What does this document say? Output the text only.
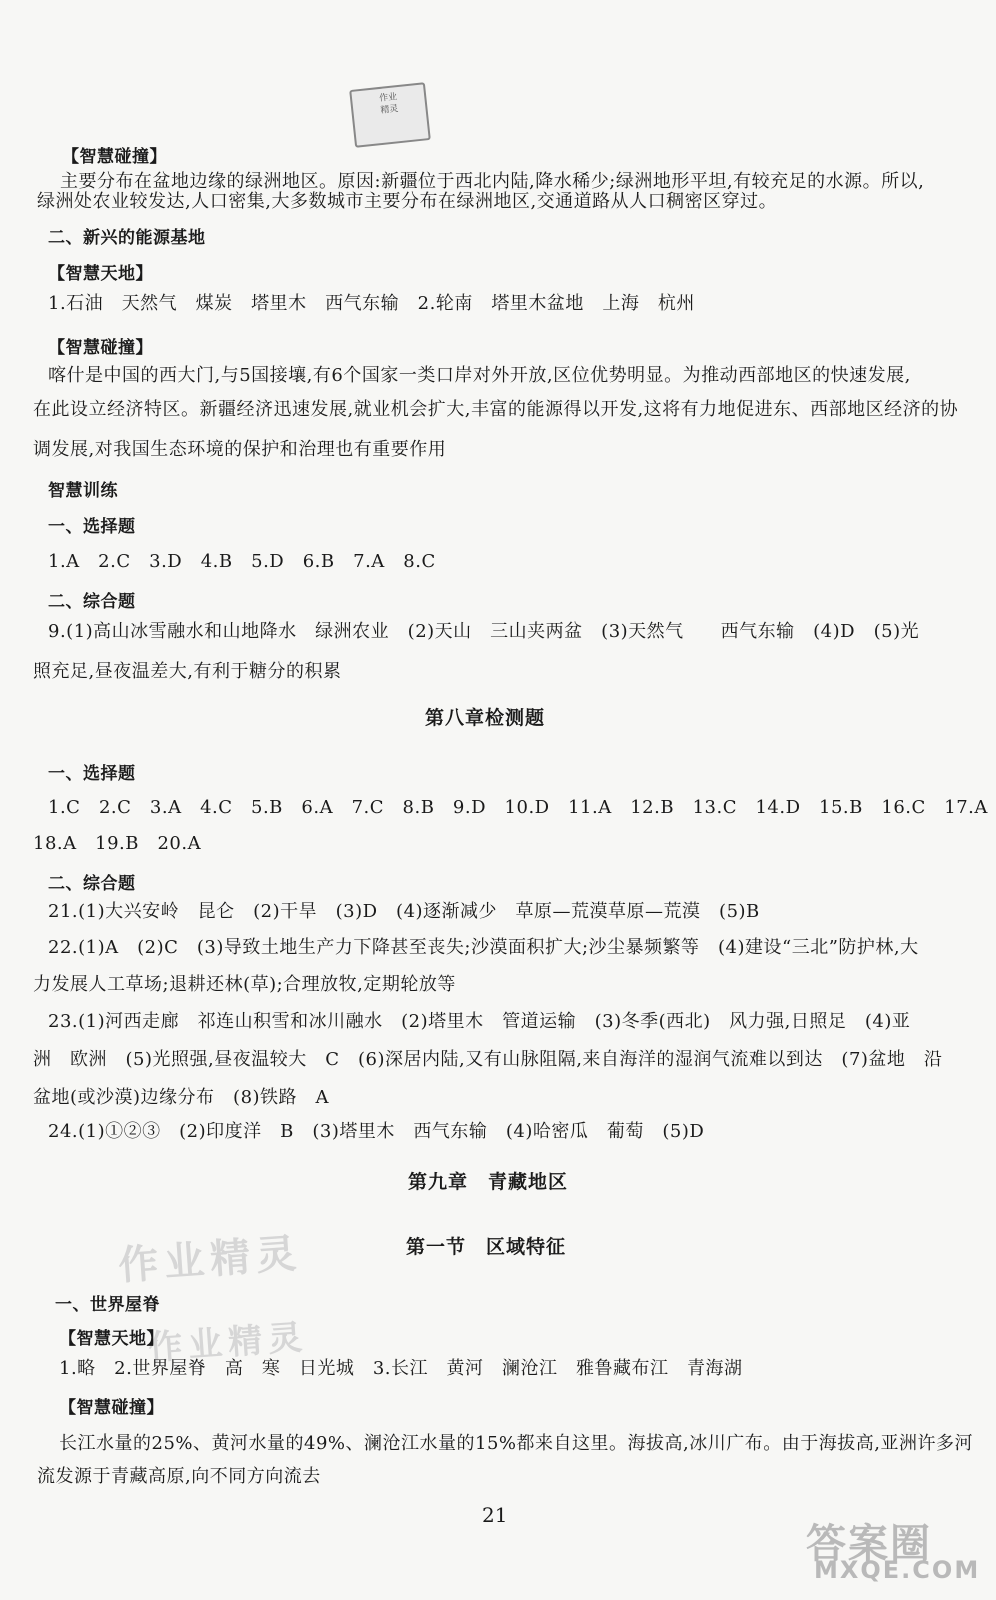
作业
精灵
【智慧碰撞】
主要分布在盆地边缘的绿洲地区。原因:新疆位于西北内陆,降水稀少;绿洲地形平坦,有较充足的水源。所以,
绿洲处农业较发达,人口密集,大多数城市主要分布在绿洲地区,交通道路从人口稠密区穿过。
二、新兴的能源基地
【智慧天地】
1.石油　天然气　煤炭　塔里木　西气东输　2.轮南　塔里木盆地　上海　杭州
【智慧碰撞】
喀什是中国的西大门,与5国接壤,有6个国家一类口岸对外开放,区位优势明显。为推动西部地区的快速发展,
在此设立经济特区。新疆经济迅速发展,就业机会扩大,丰富的能源得以开发,这将有力地促进东、西部地区经济的协
调发展,对我国生态环境的保护和治理也有重要作用
智慧训练
一、选择题
1.A　2.C　3.D　4.B　5.D　6.B　7.A　8.C
二、综合题
9.(1)高山冰雪融水和山地降水　绿洲农业　(2)天山　三山夹两盆　(3)天然气　　西气东输　(4)D　(5)光
照充足,昼夜温差大,有利于糖分的积累
第八章检测题
一、选择题
1.C　2.C　3.A　4.C　5.B　6.A　7.C　8.B　9.D　10.D　11.A　12.B　13.C　14.D　15.B　16.C　17.A
18.A　19.B　20.A
二、综合题
21.(1)大兴安岭　昆仑　(2)干旱　(3)D　(4)逐渐减少　草原—荒漠草原—荒漠　(5)B
22.(1)A　(2)C　(3)导致土地生产力下降甚至丧失;沙漠面积扩大;沙尘暴频繁等　(4)建设“三北”防护林,大
力发展人工草场;退耕还林(草);合理放牧,定期轮放等
23.(1)河西走廊　祁连山积雪和冰川融水　(2)塔里木　管道运输　(3)冬季(西北)　风力强,日照足　(4)亚
洲　欧洲　(5)光照强,昼夜温较大　C　(6)深居内陆,又有山脉阻隔,来自海洋的湿润气流难以到达　(7)盆地　沿
盆地(或沙漠)边缘分布　(8)铁路　A
24.(1)①②③　(2)印度洋　B　(3)塔里木　西气东输　(4)哈密瓜　葡萄　(5)D
第九章　青藏地区
第一节　区域特征
作业精灵
作业精灵
一、世界屋脊
【智慧天地】
1.略　2.世界屋脊　高　寒　日光城　3.长江　黄河　澜沧江　雅鲁藏布江　青海湖
【智慧碰撞】
长江水量的25%、黄河水量的49%、澜沧江水量的15%都来自这里。海拔高,冰川广布。由于海拔高,亚洲许多河
流发源于青藏高原,向不同方向流去
21
答案圈
MXQE.COM
